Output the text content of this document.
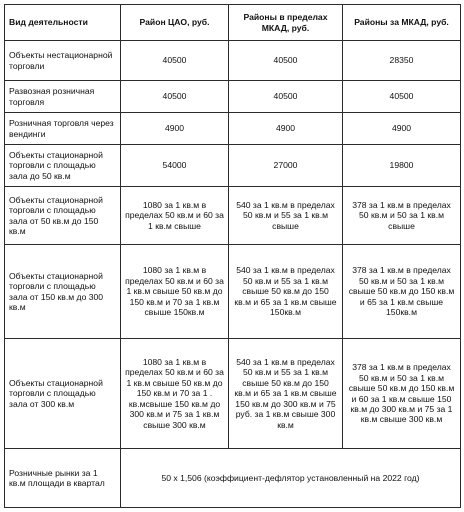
Вид деятельности	Район ЦАО, руб.	Районы в пределах МКАД, руб.	Районы за МКАД, руб.
Объекты нестационарной торговли	40500	40500	28350
Развозная розничная торговля	40500	40500	40500
Розничная торговля через вендинги	4900	4900	4900
Объекты стационарной торговли с площадью зала до 50 кв.м	54000	27000	19800
Объекты стационарной торговли с площадью зала от 50 кв.м до 150 кв.м	1080 за 1 кв.м в пределах 50 кв.м и 60 за 1 кв.м свыше	540 за 1 кв.м в пределах 50 кв.м и 55 за 1 кв.м свыше	378 за 1 кв.м в пределах 50 кв.м и 50 за 1 кв.м свыше
Объекты стационарной торговли с площадью зала от 150 кв.м до 300 кв.м	1080 за 1 кв.м в пределах 50 кв.м и 60 за 1 кв.м свыше 50 кв.м до 150 кв.м и 70 за 1 кв.м свыше 150кв.м	540 за 1 кв.м в пределах 50 кв.м и 55 за 1 кв.м свыше 50 кв.м до 150 кв.м и 65 за 1 кв.м свыше 150кв.м	378 за 1 кв.м в пределах 50 кв.м и 50 за 1 кв.м свыше 50 кв.м до 150 кв.м и 65 за 1 кв.м свыше 150кв.м
Объекты стационарной торговли с площадью зала от 300 кв.м	1080 за 1 кв.м в пределах 50 кв.м и 60 за 1 кв.м свыше 50 кв.м до 150 кв.м и 70 за 1 . кв.мсвыше 150 кв.м до 300 кв.м и 75 за 1 кв.м свыше 300 кв.м	540 за 1 кв.м в пределах 50 кв.м и 55 за 1 кв.м свыше 50 кв.м до 150 кв.м и 65 за 1 кв.м свыше 150 кв.м до 300 кв.м и 75 руб. за 1 кв.м свыше 300 кв.м	378 за 1 кв.м в пределах 50 кв.м и 50 за 1 кв.м свыше 50 кв.м до 150 кв.м и 60 за 1 кв.м свыше 150 кв.м до 300 кв.м и 75 за 1 кв.м свыше 300 кв.м
Розничные рынки за 1 кв.м площади в квартал	50 х 1,506 (коэффициент-дефлятор установленный на 2022 год)		
